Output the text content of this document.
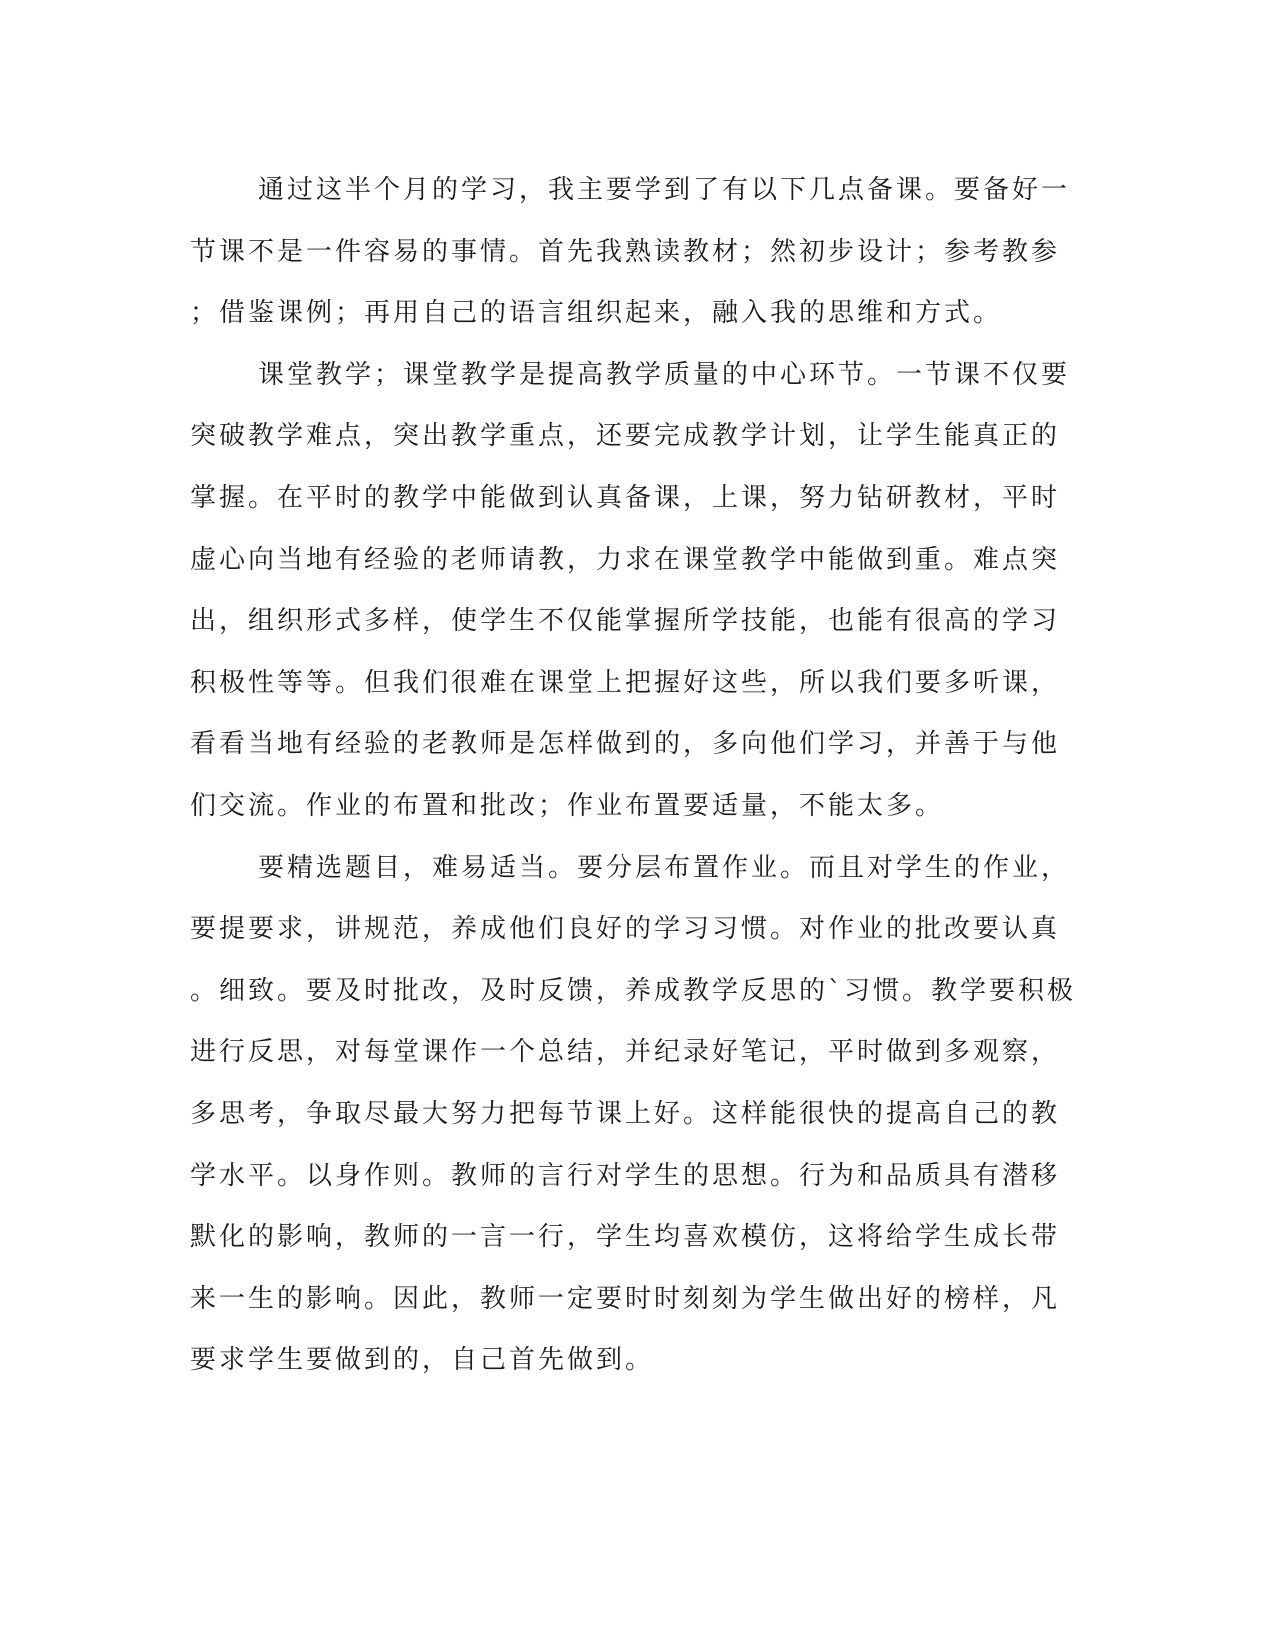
通过这半个月的学习，我主要学到了有以下几点备课。要备好一
节课不是一件容易的事情。首先我熟读教材；然初步设计；参考教参
；借鉴课例；再用自己的语言组织起来，融入我的思维和方式。
课堂教学；课堂教学是提高教学质量的中心环节。一节课不仅要
突破教学难点，突出教学重点，还要完成教学计划，让学生能真正的
掌握。在平时的教学中能做到认真备课，上课，努力钻研教材，平时
虚心向当地有经验的老师请教，力求在课堂教学中能做到重。难点突
出，组织形式多样，使学生不仅能掌握所学技能，也能有很高的学习
积极性等等。但我们很难在课堂上把握好这些，所以我们要多听课，
看看当地有经验的老教师是怎样做到的，多向他们学习，并善于与他
们交流。作业的布置和批改；作业布置要适量，不能太多。
要精选题目，难易适当。要分层布置作业。而且对学生的作业，
要提要求，讲规范，养成他们良好的学习习惯。对作业的批改要认真
。细致。要及时批改，及时反馈，养成教学反思的`习惯。教学要积极
进行反思，对每堂课作一个总结，并纪录好笔记，平时做到多观察，
多思考，争取尽最大努力把每节课上好。这样能很快的提高自己的教
学水平。以身作则。教师的言行对学生的思想。行为和品质具有潜移
默化的影响，教师的一言一行，学生均喜欢模仿，这将给学生成长带
来一生的影响。因此，教师一定要时时刻刻为学生做出好的榜样，凡
要求学生要做到的，自己首先做到。
